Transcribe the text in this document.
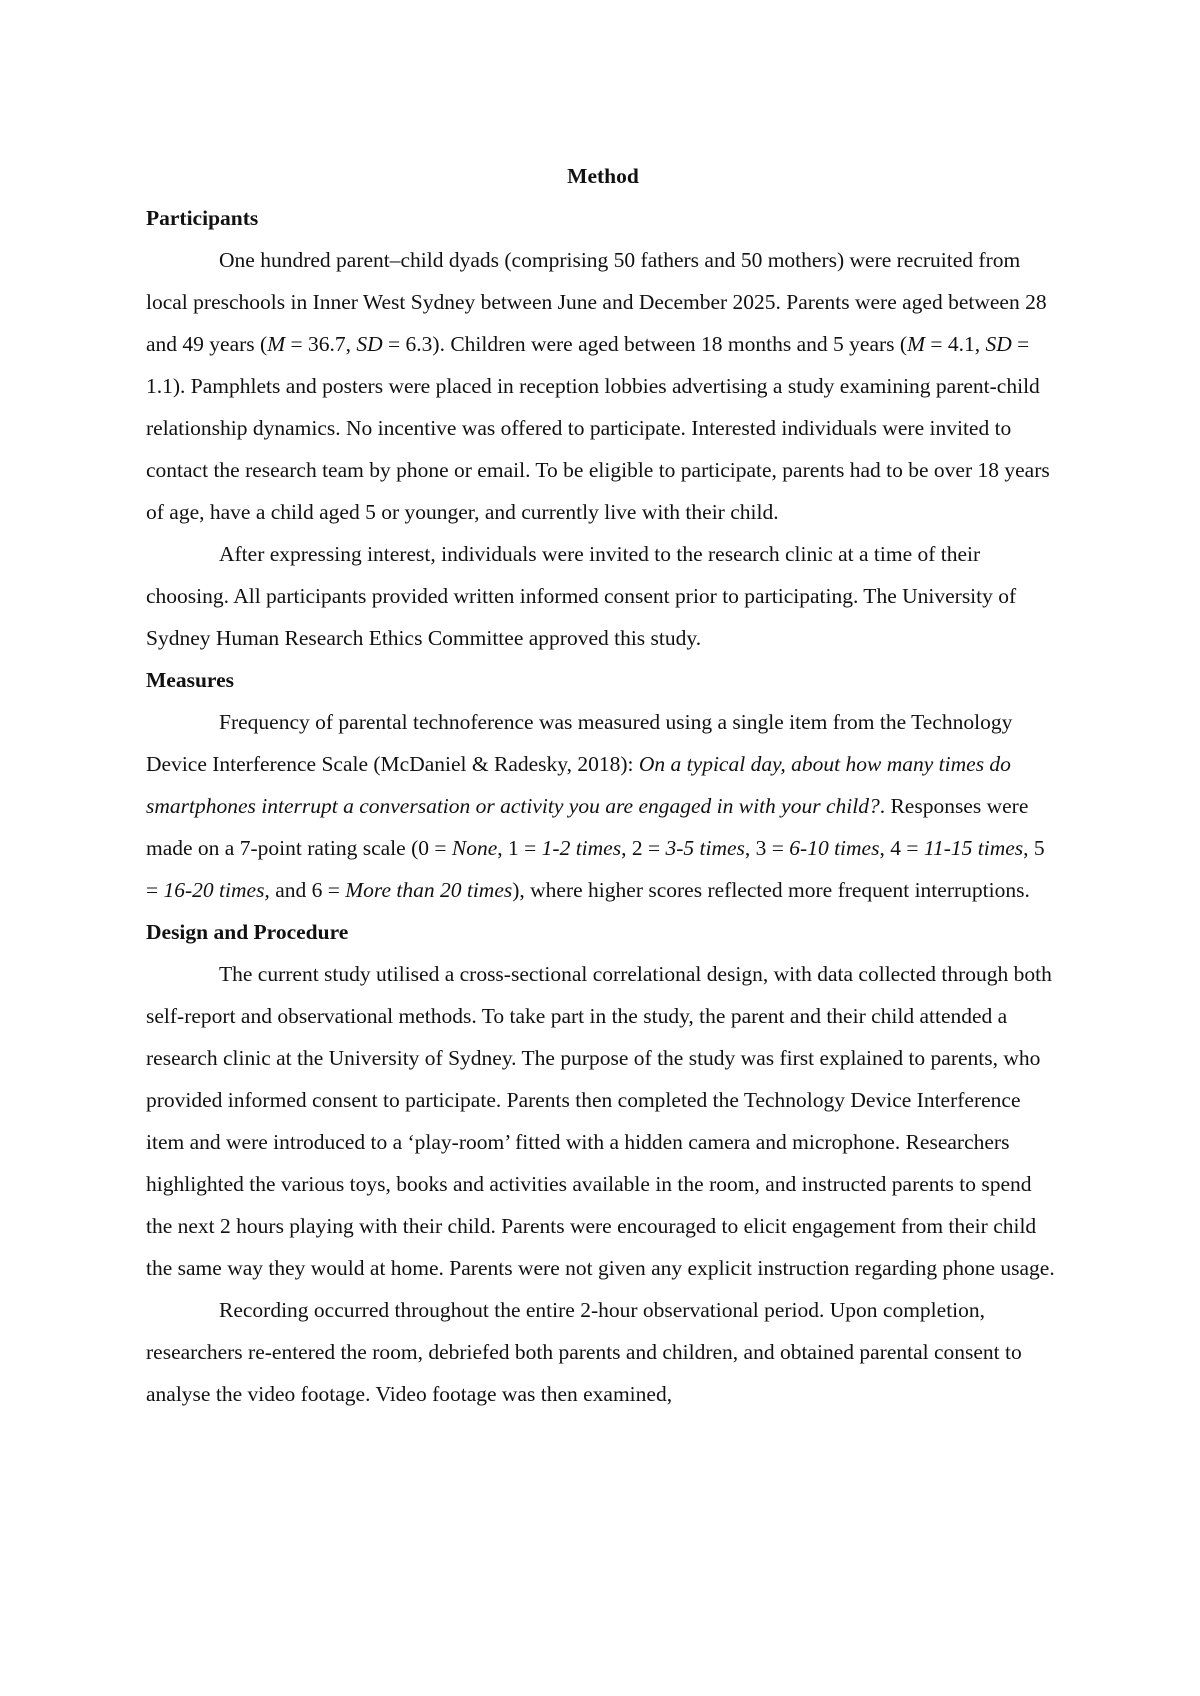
Method

Participants

One hundred parent–child dyads (comprising 50 fathers and 50 mothers) were recruited from local preschools in Inner West Sydney between June and December 2025. Parents were aged between 28 and 49 years (M = 36.7, SD = 6.3). Children were aged between 18 months and 5 years (M = 4.1, SD = 1.1). Pamphlets and posters were placed in reception lobbies advertising a study examining parent-child relationship dynamics. No incentive was offered to participate. Interested individuals were invited to contact the research team by phone or email. To be eligible to participate, parents had to be over 18 years of age, have a child aged 5 or younger, and currently live with their child.

After expressing interest, individuals were invited to the research clinic at a time of their choosing. All participants provided written informed consent prior to participating. The University of Sydney Human Research Ethics Committee approved this study.

Measures

Frequency of parental technoference was measured using a single item from the Technology Device Interference Scale (McDaniel & Radesky, 2018): On a typical day, about how many times do smartphones interrupt a conversation or activity you are engaged in with your child?. Responses were made on a 7-point rating scale (0 = None, 1 = 1-2 times, 2 = 3-5 times, 3 = 6-10 times, 4 = 11-15 times, 5 = 16-20 times, and 6 = More than 20 times), where higher scores reflected more frequent interruptions.

Design and Procedure

The current study utilised a cross-sectional correlational design, with data collected through both self-report and observational methods. To take part in the study, the parent and their child attended a research clinic at the University of Sydney. The purpose of the study was first explained to parents, who provided informed consent to participate. Parents then completed the Technology Device Interference item and were introduced to a ‘play-room’ fitted with a hidden camera and microphone. Researchers highlighted the various toys, books and activities available in the room, and instructed parents to spend the next 2 hours playing with their child. Parents were encouraged to elicit engagement from their child the same way they would at home. Parents were not given any explicit instruction regarding phone usage.

Recording occurred throughout the entire 2-hour observational period. Upon completion, researchers re-entered the room, debriefed both parents and children, and obtained parental consent to analyse the video footage. Video footage was then examined,
